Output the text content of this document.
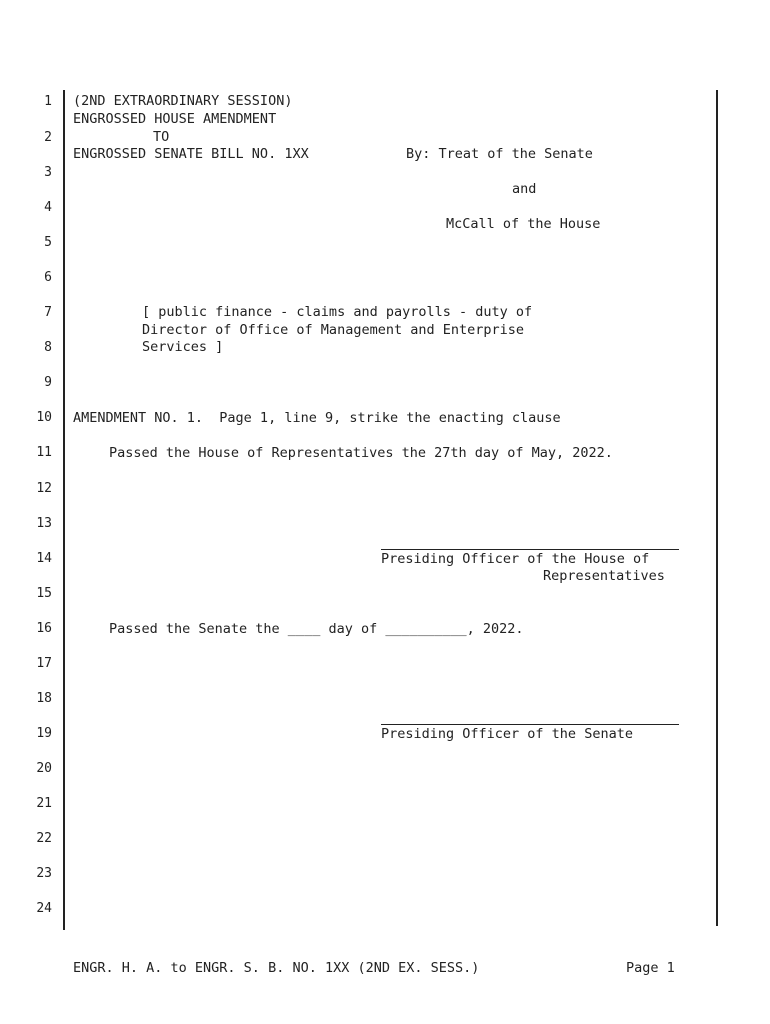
1
2
3
4
5
6
7
8
9
10
11
12
13
14
15
16
17
18
19
20
21
22
23
24
(2ND EXTRAORDINARY SESSION)
ENGROSSED HOUSE AMENDMENT
TO
ENGROSSED SENATE BILL NO. 1XX	By: Treat of the Senate
and
McCall of the House
[ public finance - claims and payrolls - duty of
Director of Office of Management and Enterprise
Services ]
AMENDMENT NO. 1.  Page 1, line 9, strike the enacting clause
Passed the House of Representatives the 27th day of May, 2022.
Presiding Officer of the House of
Representatives
Passed the Senate the ____ day of __________, 2022.
Presiding Officer of the Senate
ENGR. H. A. to ENGR. S. B. NO. 1XX (2ND EX. SESS.)	Page 1
